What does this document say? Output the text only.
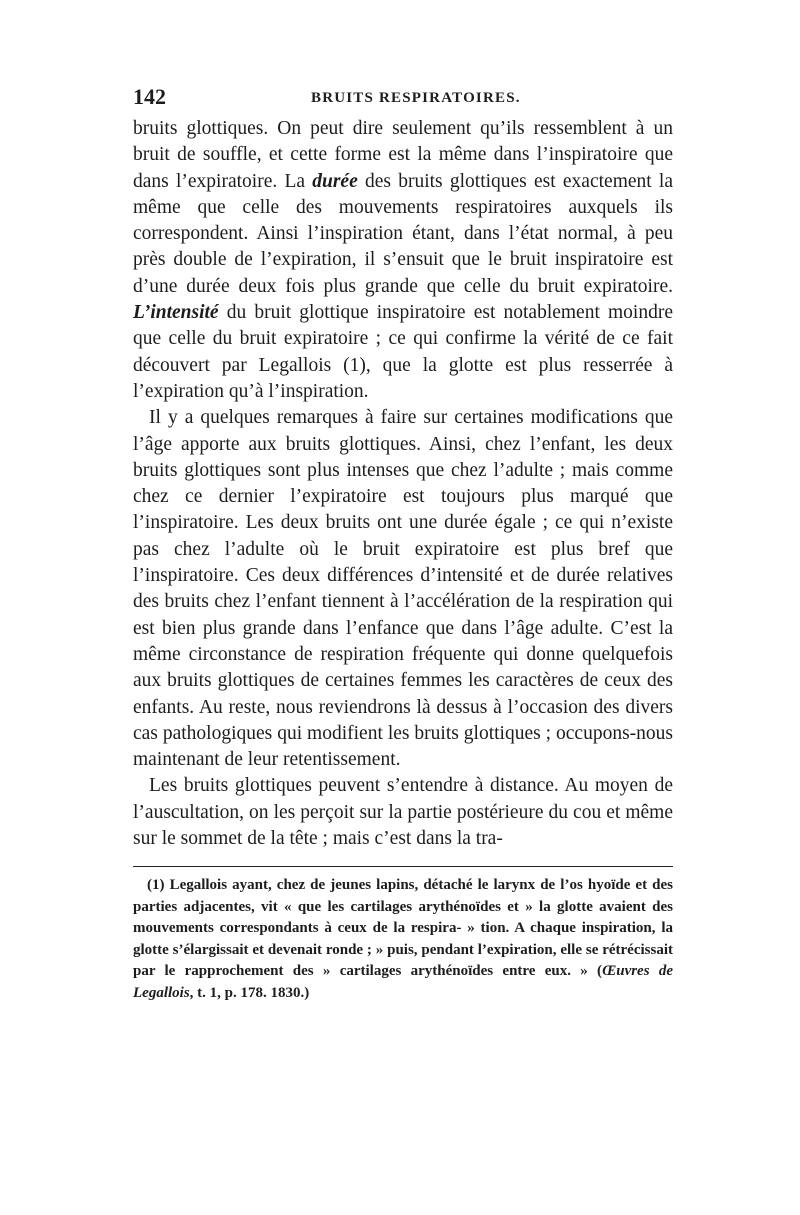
142	BRUITS RESPIRATOIRES.

bruits glottiques. On peut dire seulement qu’ils ressemblent à un bruit de souffle, et cette forme est la même dans l’inspiratoire que dans l’expiratoire. La durée des bruits glottiques est exactement la même que celle des mouvements respiratoires auxquels ils correspondent. Ainsi l’inspiration étant, dans l’état normal, à peu près double de l’expiration, il s’ensuit que le bruit inspiratoire est d’une durée deux fois plus grande que celle du bruit expiratoire. L’intensité du bruit glottique inspiratoire est notablement moindre que celle du bruit expiratoire ; ce qui confirme la vérité de ce fait découvert par Legallois (1), que la glotte est plus resserrée à l’expiration qu’à l’inspiration.

Il y a quelques remarques à faire sur certaines modifications que l’âge apporte aux bruits glottiques. Ainsi, chez l’enfant, les deux bruits glottiques sont plus intenses que chez l’adulte ; mais comme chez ce dernier l’expiratoire est toujours plus marqué que l’inspiratoire. Les deux bruits ont une durée égale ; ce qui n’existe pas chez l’adulte où le bruit expiratoire est plus bref que l’inspiratoire. Ces deux différences d’intensité et de durée relatives des bruits chez l’enfant tiennent à l’accélération de la respiration qui est bien plus grande dans l’enfance que dans l’âge adulte. C’est la même circonstance de respiration fréquente qui donne quelquefois aux bruits glottiques de certaines femmes les caractères de ceux des enfants. Au reste, nous reviendrons là dessus à l’occasion des divers cas pathologiques qui modifient les bruits glottiques ; occupons-nous maintenant de leur retentissement.

Les bruits glottiques peuvent s’entendre à distance. Au moyen de l’auscultation, on les perçoit sur la partie postérieure du cou et même sur le sommet de la tête ; mais c’est dans la tra-

(1) Legallois ayant, chez de jeunes lapins, détaché le larynx de l’os hyoïde et des parties adjacentes, vit « que les cartilages arythénoïdes et » la glotte avaient des mouvements correspondants à ceux de la respira- » tion. A chaque inspiration, la glotte s’élargissait et devenait ronde ; » puis, pendant l’expiration, elle se rétrécissait par le rapprochement des » cartilages arythénoïdes entre eux. » (Œuvres de Legallois, t. 1, p. 178. 1830.)
